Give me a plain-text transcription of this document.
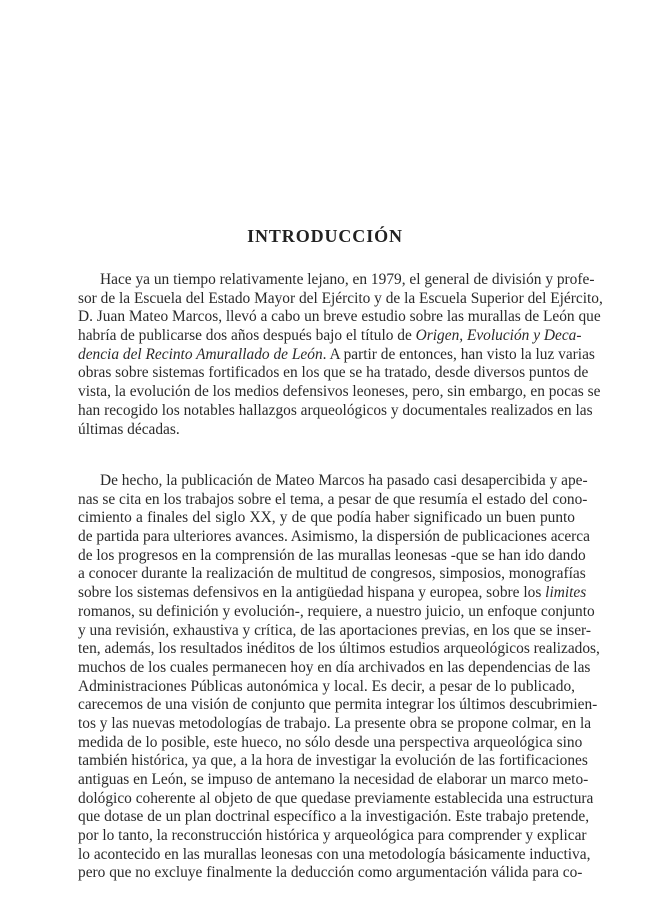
INTRODUCCIÓN
Hace ya un tiempo relativamente lejano, en 1979, el general de división y profe-
sor de la Escuela del Estado Mayor del Ejército y de la Escuela Superior del Ejército,
D. Juan Mateo Marcos, llevó a cabo un breve estudio sobre las murallas de León que
habría de publicarse dos años después bajo el título de Origen, Evolución y Deca-
dencia del Recinto Amurallado de León. A partir de entonces, han visto la luz varias
obras sobre sistemas fortificados en los que se ha tratado, desde diversos puntos de
vista, la evolución de los medios defensivos leoneses, pero, sin embargo, en pocas se
han recogido los notables hallazgos arqueológicos y documentales realizados en las
últimas décadas.
De hecho, la publicación de Mateo Marcos ha pasado casi desapercibida y ape-
nas se cita en los trabajos sobre el tema, a pesar de que resumía el estado del cono-
cimiento a finales del siglo XX, y de que podía haber significado un buen punto
de partida para ulteriores avances. Asimismo, la dispersión de publicaciones acerca
de los progresos en la comprensión de las murallas leonesas -que se han ido dando
a conocer durante la realización de multitud de congresos, simposios, monografías
sobre los sistemas defensivos en la antigüedad hispana y europea, sobre los limites
romanos, su definición y evolución-, requiere, a nuestro juicio, un enfoque conjunto
y una revisión, exhaustiva y crítica, de las aportaciones previas, en los que se inser-
ten, además, los resultados inéditos de los últimos estudios arqueológicos realizados,
muchos de los cuales permanecen hoy en día archivados en las dependencias de las
Administraciones Públicas autonómica y local. Es decir, a pesar de lo publicado,
carecemos de una visión de conjunto que permita integrar los últimos descubrimien-
tos y las nuevas metodologías de trabajo. La presente obra se propone colmar, en la
medida de lo posible, este hueco, no sólo desde una perspectiva arqueológica sino
también histórica, ya que, a la hora de investigar la evolución de las fortificaciones
antiguas en León, se impuso de antemano la necesidad de elaborar un marco meto-
dológico coherente al objeto de que quedase previamente establecida una estructura
que dotase de un plan doctrinal específico a la investigación. Este trabajo pretende,
por lo tanto, la reconstrucción histórica y arqueológica para comprender y explicar
lo acontecido en las murallas leonesas con una metodología básicamente inductiva,
pero que no excluye finalmente la deducción como argumentación válida para co-
